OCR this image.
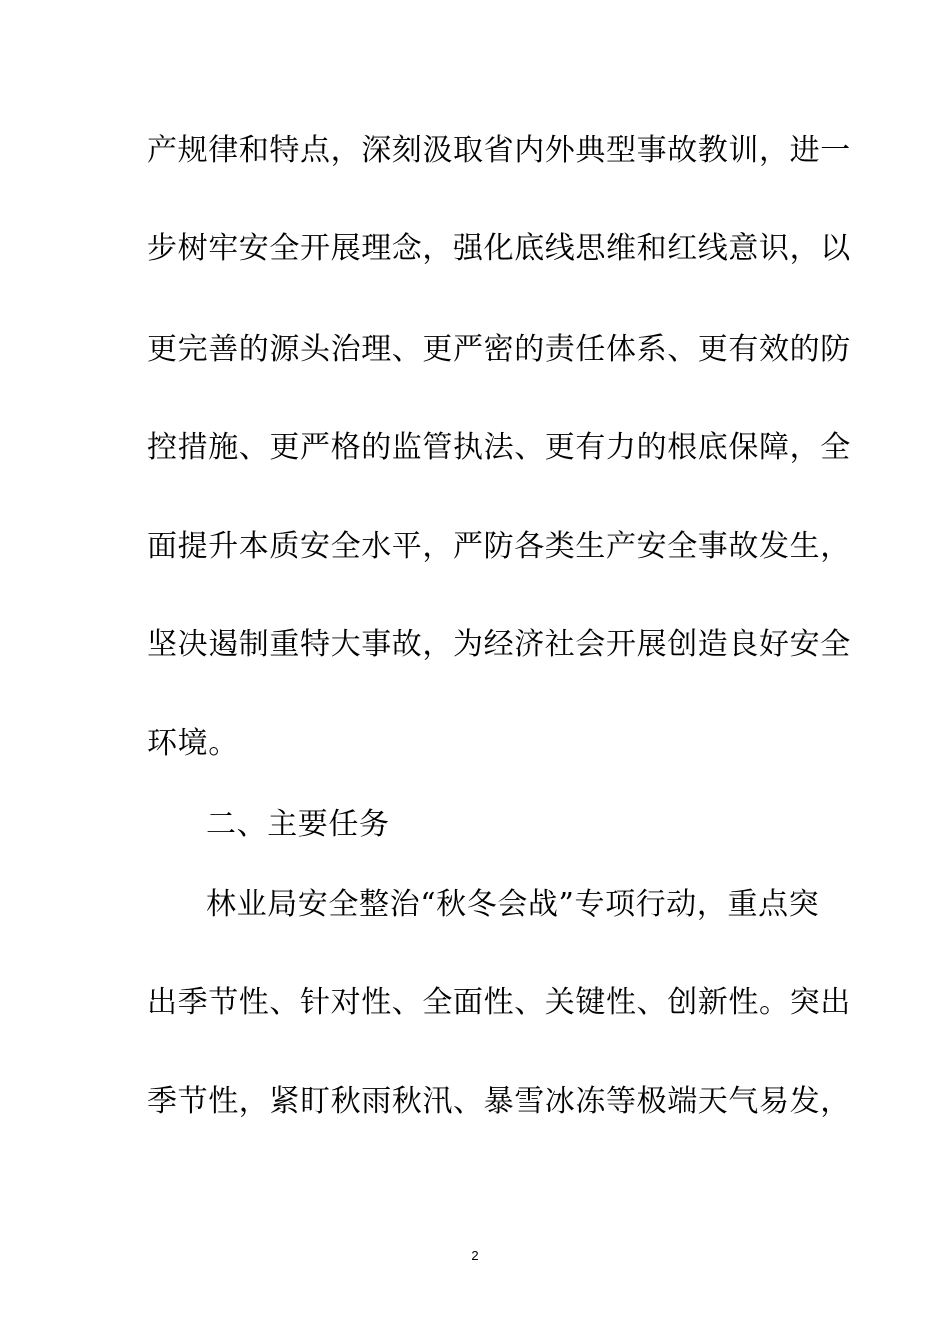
产规律和特点，深刻汲取省内外典型事故教训，进一
步树牢安全开展理念，强化底线思维和红线意识，以
更完善的源头治理、更严密的责任体系、更有效的防
控措施、更严格的监管执法、更有力的根底保障，全
面提升本质安全水平，严防各类生产安全事故发生，
坚决遏制重特大事故，为经济社会开展创造良好安全
环境。
二、主要任务
林业局安全整治“秋冬会战”专项行动，重点突
出季节性、针对性、全面性、关键性、创新性。突出
季节性，紧盯秋雨秋汛、暴雪冰冻等极端天气易发，
2
